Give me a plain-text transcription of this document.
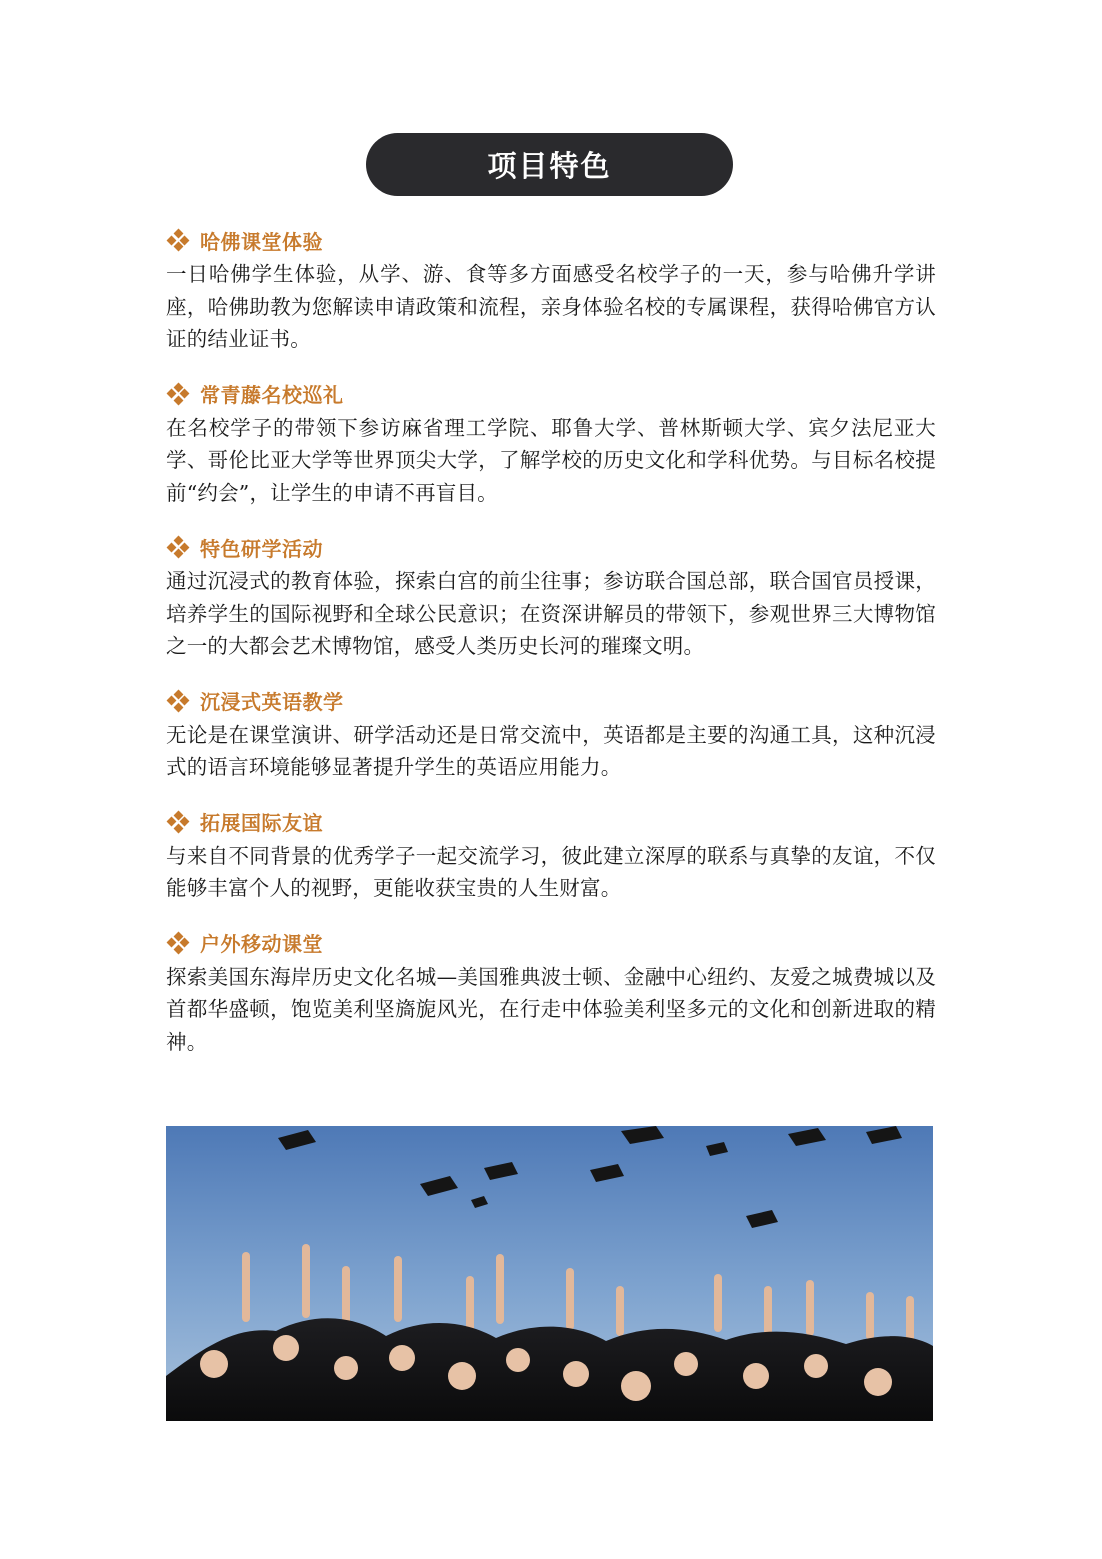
项目特色
哈佛课堂体验
一日哈佛学生体验，从学、游、食等多方面感受名校学子的一天，参与哈佛升学讲座，哈佛助教为您解读申请政策和流程，亲身体验名校的专属课程，获得哈佛官方认证的结业证书。
常青藤名校巡礼
在名校学子的带领下参访麻省理工学院、耶鲁大学、普林斯顿大学、宾夕法尼亚大学、哥伦比亚大学等世界顶尖大学，了解学校的历史文化和学科优势。与目标名校提前“约会”，让学生的申请不再盲目。
特色研学活动
通过沉浸式的教育体验，探索白宫的前尘往事；参访联合国总部，联合国官员授课，培养学生的国际视野和全球公民意识；在资深讲解员的带领下，参观世界三大博物馆之一的大都会艺术博物馆，感受人类历史长河的璀璨文明。
沉浸式英语教学
无论是在课堂演讲、研学活动还是日常交流中，英语都是主要的沟通工具，这种沉浸式的语言环境能够显著提升学生的英语应用能力。
拓展国际友谊
与来自不同背景的优秀学子一起交流学习，彼此建立深厚的联系与真挚的友谊，不仅能够丰富个人的视野，更能收获宝贵的人生财富。
户外移动课堂
探索美国东海岸历史文化名城—美国雅典波士顿、金融中心纽约、友爱之城费城以及首都华盛顿，饱览美利坚旖旎风光，在行走中体验美利坚多元的文化和创新进取的精神。
